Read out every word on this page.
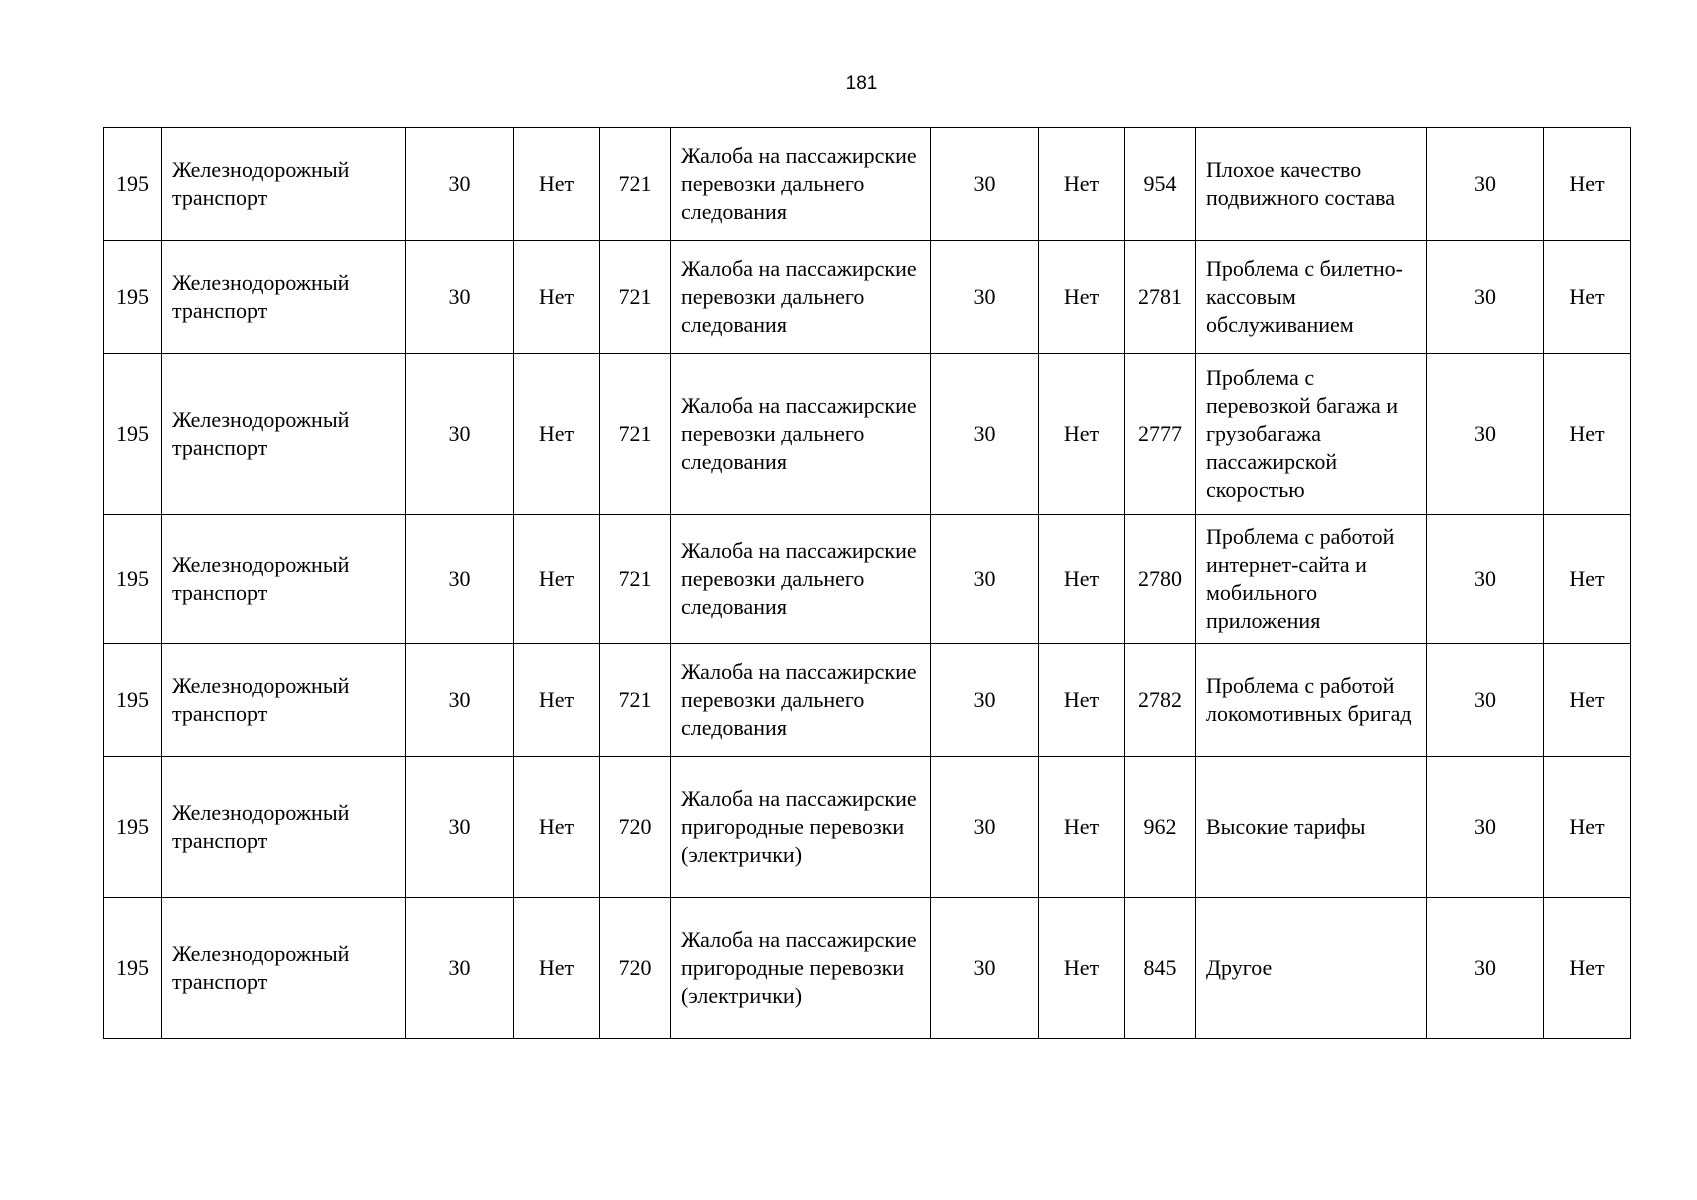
181
195	Железнодорожный транспорт	30	Нет	721	Жалоба на пассажирские перевозки дальнего следования	30	Нет	954	Плохое качество подвижного состава	30	Нет
195	Железнодорожный транспорт	30	Нет	721	Жалоба на пассажирские перевозки дальнего следования	30	Нет	2781	Проблема с билетно-кассовым обслуживанием	30	Нет
195	Железнодорожный транспорт	30	Нет	721	Жалоба на пассажирские перевозки дальнего следования	30	Нет	2777	Проблема с перевозкой багажа и грузобагажа пассажирской скоростью	30	Нет
195	Железнодорожный транспорт	30	Нет	721	Жалоба на пассажирские перевозки дальнего следования	30	Нет	2780	Проблема с работой интернет-сайта и мобильного приложения	30	Нет
195	Железнодорожный транспорт	30	Нет	721	Жалоба на пассажирские перевозки дальнего следования	30	Нет	2782	Проблема с работой локомотивных бригад	30	Нет
195	Железнодорожный транспорт	30	Нет	720	Жалоба на пассажирские пригородные перевозки (электрички)	30	Нет	962	Высокие тарифы	30	Нет
195	Железнодорожный транспорт	30	Нет	720	Жалоба на пассажирские пригородные перевозки (электрички)	30	Нет	845	Другое	30	Нет
